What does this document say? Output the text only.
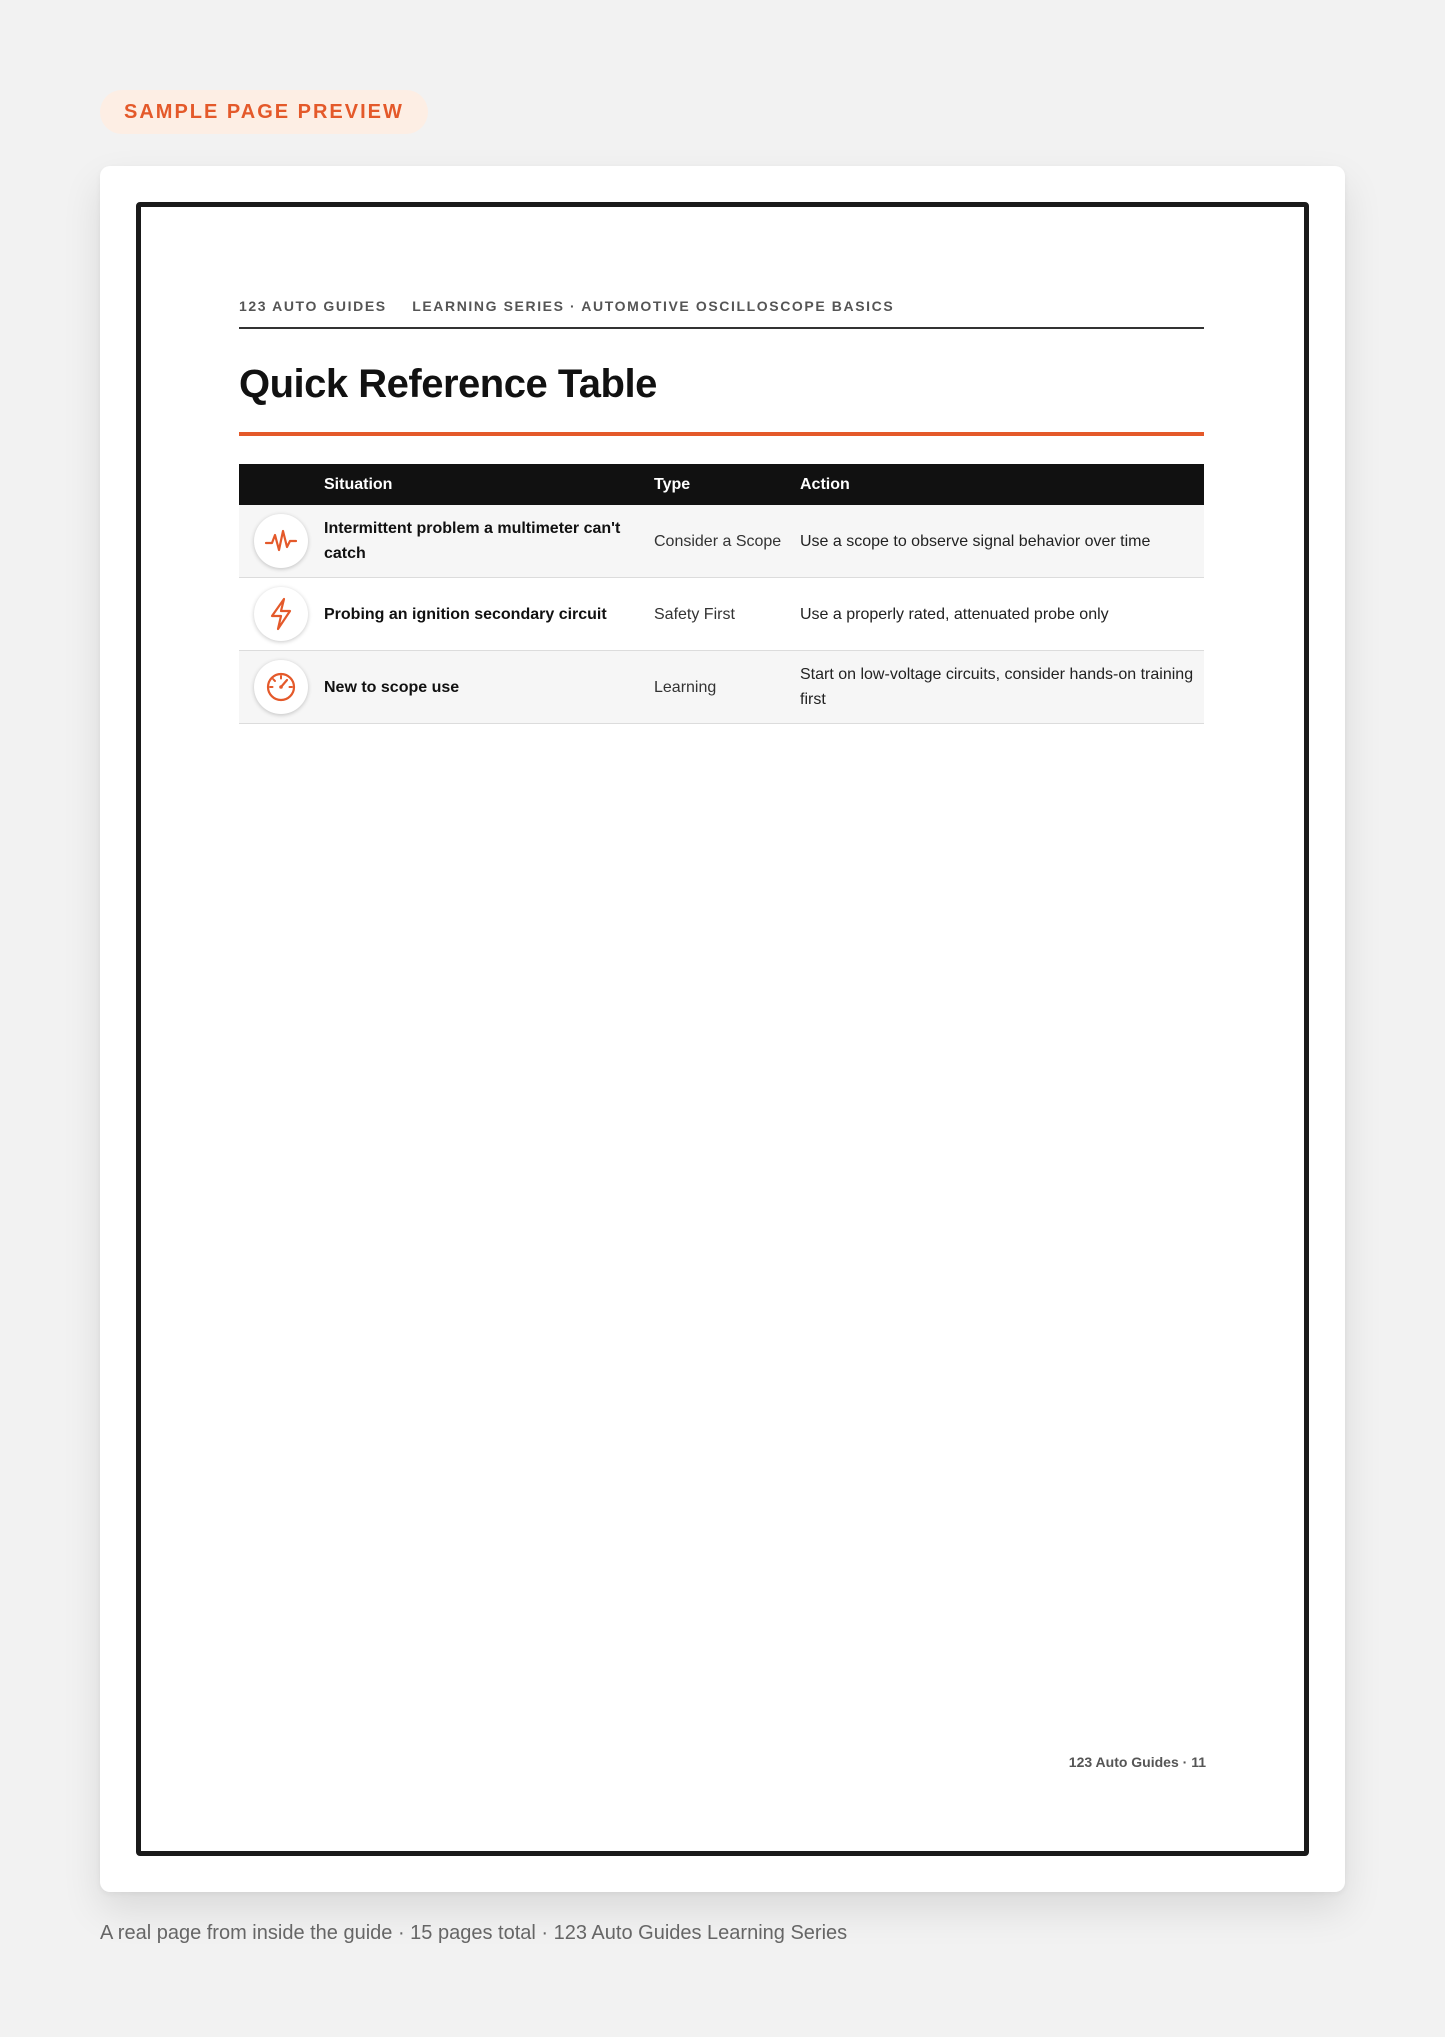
SAMPLE PAGE PREVIEW
123 AUTO GUIDES LEARNING SERIES · AUTOMOTIVE OSCILLOSCOPE BASICS
Quick Reference Table
	Situation	Type	Action

	Intermittent problem a multimeter can't catch	Consider a Scope	Use a scope to observe signal behavior over time

	Probing an ignition secondary circuit	Safety First	Use a properly rated, attenuated probe only

	New to scope use	Learning	Start on low-voltage circuits, consider hands-on training first
123 Auto Guides · 11
A real page from inside the guide · 15 pages total · 123 Auto Guides Learning Series
